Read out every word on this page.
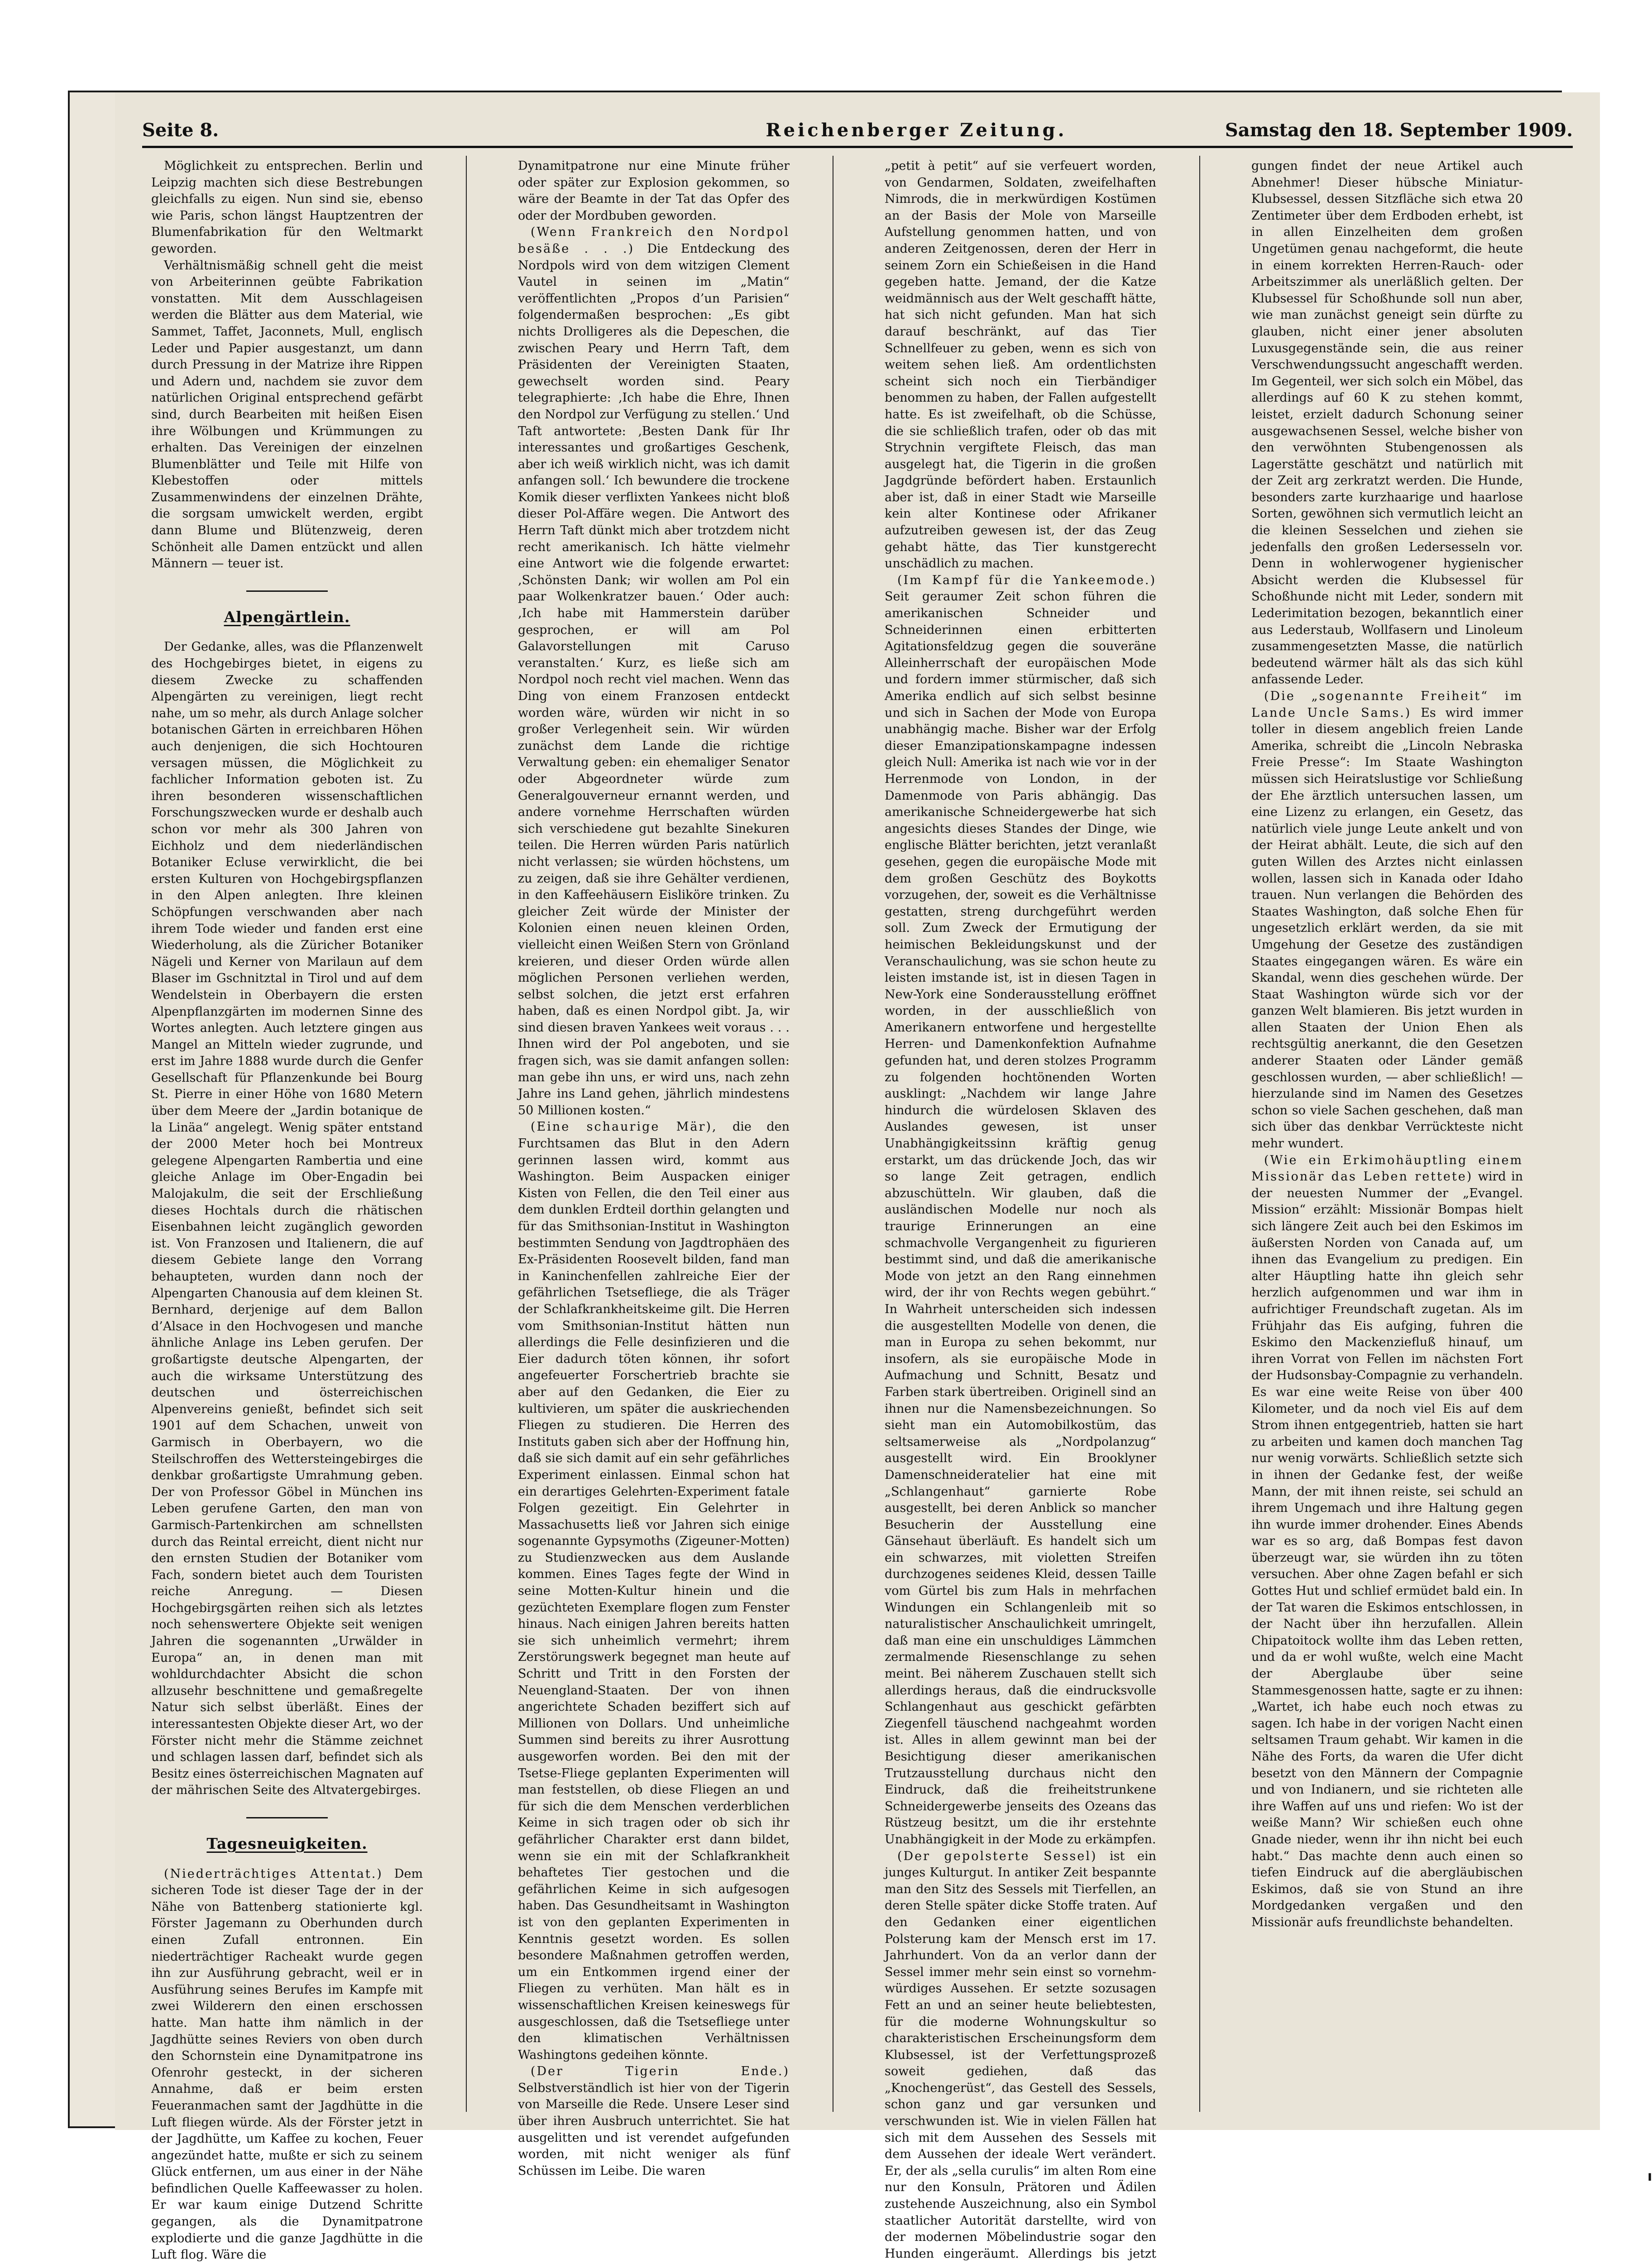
Seite 8.	Reichenberger Zeitung.	Samstag den 18. September 1909.

Möglichkeit zu entsprechen. Berlin und Leipzig machten sich diese Bestrebungen gleichfalls zu eigen. Nun sind sie, ebenso wie Paris, schon längst Hauptzentren der Blumenfabrikation für den Weltmarkt geworden.

Verhältnismäßig schnell geht die meist von Arbeiterinnen geübte Fabrikation vonstatten. Mit dem Ausschlageisen werden die Blätter aus dem Material, wie Sammet, Taffet, Jaconnets, Mull, englisch Leder und Papier ausgestanzt, um dann durch Pressung in der Matrize ihre Rippen und Adern und, nachdem sie zuvor dem natürlichen Original entsprechend gefärbt sind, durch Bearbeiten mit heißen Eisen ihre Wölbungen und Krümmungen zu erhalten. Das Vereinigen der einzelnen Blumenblätter und Teile mit Hilfe von Klebestoffen oder mittels Zusammenwindens der einzelnen Drähte, die sorgsam umwickelt werden, ergibt dann Blume und Blütenzweig, deren Schönheit alle Damen entzückt und allen Männern — teuer ist.

Alpengärtlein.

Der Gedanke, alles, was die Pflanzenwelt des Hochgebirges bietet, in eigens zu diesem Zwecke zu schaffenden Alpengärten zu vereinigen, liegt recht nahe, um so mehr, als durch Anlage solcher botanischen Gärten in erreichbaren Höhen auch denjenigen, die sich Hochtouren versagen müssen, die Möglichkeit zu fachlicher Information geboten ist. Zu ihren besonderen wissenschaftlichen Forschungszwecken wurde er deshalb auch schon vor mehr als 300 Jahren von Eichholz und dem niederländischen Botaniker Ecluse verwirklicht, die bei ersten Kulturen von Hochgebirgspflanzen in den Alpen anlegten. Ihre kleinen Schöpfungen verschwanden aber nach ihrem Tode wieder und fanden erst eine Wiederholung, als die Züricher Botaniker Nägeli und Kerner von Marilaun auf dem Blaser im Gschnitztal in Tirol und auf dem Wendelstein in Oberbayern die ersten Alpenpflanzgärten im modernen Sinne des Wortes anlegten. Auch letztere gingen aus Mangel an Mitteln wieder zugrunde, und erst im Jahre 1888 wurde durch die Genfer Gesellschaft für Pflanzenkunde bei Bourg St. Pierre in einer Höhe von 1680 Metern über dem Meere der „Jardin botanique de la Linäa“ angelegt. Wenig später entstand der 2000 Meter hoch bei Montreux gelegene Alpengarten Rambertia und eine gleiche Anlage im Ober-Engadin bei Malojakulm, die seit der Erschließung dieses Hochtals durch die rhätischen Eisenbahnen leicht zugänglich geworden ist. Von Franzosen und Italienern, die auf diesem Gebiete lange den Vorrang behaupteten, wurden dann noch der Alpengarten Chanousia auf dem kleinen St. Bernhard, derjenige auf dem Ballon d’Alsace in den Hochvogesen und manche ähnliche Anlage ins Leben gerufen. Der großartigste deutsche Alpengarten, der auch die wirksame Unterstützung des deutschen und österreichischen Alpenvereins genießt, befindet sich seit 1901 auf dem Schachen, unweit von Garmisch in Oberbayern, wo die Steilschroffen des Wettersteingebirges die denkbar großartigste Umrahmung geben. Der von Professor Göbel in München ins Leben gerufene Garten, den man von Garmisch-Partenkirchen am schnellsten durch das Reintal erreicht, dient nicht nur den ernsten Studien der Botaniker vom Fach, sondern bietet auch dem Touristen reiche Anregung. — Diesen Hochgebirgsgärten reihen sich als letztes noch sehenswertere Objekte seit wenigen Jahren die sogenannten „Urwälder in Europa“ an, in denen man mit wohldurchdachter Absicht die schon allzusehr beschnittene und gemaßregelte Natur sich selbst überläßt. Eines der interessantesten Objekte dieser Art, wo der Förster nicht mehr die Stämme zeichnet und schlagen lassen darf, befindet sich als Besitz eines österreichischen Magnaten auf der mährischen Seite des Altvatergebirges.

Tagesneuigkeiten.

(Niederträchtiges Attentat.) Dem sicheren Tode ist dieser Tage der in der Nähe von Battenberg stationierte kgl. Förster Jagemann zu Oberhunden durch einen Zufall entronnen. Ein niederträchtiger Racheakt wurde gegen ihn zur Ausführung gebracht, weil er in Ausführung seines Berufes im Kampfe mit zwei Wilderern den einen erschossen hatte. Man hatte ihm nämlich in der Jagdhütte seines Reviers von oben durch den Schornstein eine Dynamitpatrone ins Ofenrohr gesteckt, in der sicheren Annahme, daß er beim ersten Feueranmachen samt der Jagdhütte in die Luft fliegen würde. Als der Förster jetzt in der Jagdhütte, um Kaffee zu kochen, Feuer angezündet hatte, mußte er sich zu seinem Glück entfernen, um aus einer in der Nähe befindlichen Quelle Kaffeewasser zu holen. Er war kaum einige Dutzend Schritte gegangen, als die Dynamitpatrone explodierte und die ganze Jagdhütte in die Luft flog. Wäre die

Dynamitpatrone nur eine Minute früher oder später zur Explosion gekommen, so wäre der Beamte in der Tat das Opfer des oder der Mordbuben geworden.

(Wenn Frankreich den Nordpol besäße . . .) Die Entdeckung des Nordpols wird von dem witzigen Clement Vautel in seinen im „Matin“ veröffentlichten „Propos d’un Parisien“ folgendermaßen besprochen: „Es gibt nichts Drolligeres als die Depeschen, die zwischen Peary und Herrn Taft, dem Präsidenten der Vereinigten Staaten, gewechselt worden sind. Peary telegraphierte: ‚Ich habe die Ehre, Ihnen den Nordpol zur Verfügung zu stellen.‘ Und Taft antwortete: ‚Besten Dank für Ihr interessantes und großartiges Geschenk, aber ich weiß wirklich nicht, was ich damit anfangen soll.‘ Ich bewundere die trockene Komik dieser verflixten Yankees nicht bloß dieser Pol-Affäre wegen. Die Antwort des Herrn Taft dünkt mich aber trotzdem nicht recht amerikanisch. Ich hätte vielmehr eine Antwort wie die folgende erwartet: ‚Schönsten Dank; wir wollen am Pol ein paar Wolkenkratzer bauen.‘ Oder auch: ‚Ich habe mit Hammerstein darüber gesprochen, er will am Pol Galavorstellungen mit Caruso veranstalten.‘ Kurz, es ließe sich am Nordpol noch recht viel machen. Wenn das Ding von einem Franzosen entdeckt worden wäre, würden wir nicht in so großer Verlegenheit sein. Wir würden zunächst dem Lande die richtige Verwaltung geben: ein ehemaliger Senator oder Abgeordneter würde zum Generalgouverneur ernannt werden, und andere vornehme Herrschaften würden sich verschiedene gut bezahlte Sinekuren teilen. Die Herren würden Paris natürlich nicht verlassen; sie würden höchstens, um zu zeigen, daß sie ihre Gehälter verdienen, in den Kaffeehäusern Eisliköre trinken. Zu gleicher Zeit würde der Minister der Kolonien einen neuen kleinen Orden, vielleicht einen Weißen Stern von Grönland kreieren, und dieser Orden würde allen möglichen Personen verliehen werden, selbst solchen, die jetzt erst erfahren haben, daß es einen Nordpol gibt. Ja, wir sind diesen braven Yankees weit voraus . . . Ihnen wird der Pol angeboten, und sie fragen sich, was sie damit anfangen sollen: man gebe ihn uns, er wird uns, nach zehn Jahre ins Land gehen, jährlich mindestens 50 Millionen kosten.“

(Eine schaurige Mär), die den Furchtsamen das Blut in den Adern gerinnen lassen wird, kommt aus Washington. Beim Auspacken einiger Kisten von Fellen, die den Teil einer aus dem dunklen Erdteil dorthin gelangten und für das Smithsonian-Institut in Washington bestimmten Sendung von Jagdtrophäen des Ex-Präsidenten Roosevelt bilden, fand man in Kaninchenfellen zahlreiche Eier der gefährlichen Tsetsefliege, die als Träger der Schlafkrankheitskeime gilt. Die Herren vom Smithsonian-Institut hätten nun allerdings die Felle desinfizieren und die Eier dadurch töten können, ihr sofort angefeuerter Forschertrieb brachte sie aber auf den Gedanken, die Eier zu kultivieren, um später die auskriechenden Fliegen zu studieren. Die Herren des Instituts gaben sich aber der Hoffnung hin, daß sie sich damit auf ein sehr gefährliches Experiment einlassen. Einmal schon hat ein derartiges Gelehrten-Experiment fatale Folgen gezeitigt. Ein Gelehrter in Massachusetts ließ vor Jahren sich einige sogenannte Gypsymoths (Zigeuner-Motten) zu Studienzwecken aus dem Auslande kommen. Eines Tages fegte der Wind in seine Motten-Kultur hinein und die gezüchteten Exemplare flogen zum Fenster hinaus. Nach einigen Jahren bereits hatten sie sich unheimlich vermehrt; ihrem Zerstörungswerk begegnet man heute auf Schritt und Tritt in den Forsten der Neuengland-Staaten. Der von ihnen angerichtete Schaden beziffert sich auf Millionen von Dollars. Und unheimliche Summen sind bereits zu ihrer Ausrottung ausgeworfen worden. Bei den mit der Tsetse-Fliege geplanten Experimenten will man feststellen, ob diese Fliegen an und für sich die dem Menschen verderblichen Keime in sich tragen oder ob sich ihr gefährlicher Charakter erst dann bildet, wenn sie ein mit der Schlafkrankheit behaftetes Tier gestochen und die gefährlichen Keime in sich aufgesogen haben. Das Gesundheitsamt in Washington ist von den geplanten Experimenten in Kenntnis gesetzt worden. Es sollen besondere Maßnahmen getroffen werden, um ein Entkommen irgend einer der Fliegen zu verhüten. Man hält es in wissenschaftlichen Kreisen keineswegs für ausgeschlossen, daß die Tsetsefliege unter den klimatischen Verhältnissen Washingtons gedeihen könnte.

(Der Tigerin Ende.) Selbstverständlich ist hier von der Tigerin von Marseille die Rede. Unsere Leser sind über ihren Ausbruch unterrichtet. Sie hat ausgelitten und ist verendet aufgefunden worden, mit nicht weniger als fünf Schüssen im Leibe. Die waren

„petit à petit“ auf sie verfeuert worden, von Gendarmen, Soldaten, zweifelhaften Nimrods, die in merkwürdigen Kostümen an der Basis der Mole von Marseille Aufstellung genommen hatten, und von anderen Zeitgenossen, deren der Herr in seinem Zorn ein Schießeisen in die Hand gegeben hatte. Jemand, der die Katze weidmännisch aus der Welt geschafft hätte, hat sich nicht gefunden. Man hat sich darauf beschränkt, auf das Tier Schnellfeuer zu geben, wenn es sich von weitem sehen ließ. Am ordentlichsten scheint sich noch ein Tierbändiger benommen zu haben, der Fallen aufgestellt hatte. Es ist zweifelhaft, ob die Schüsse, die sie schließlich trafen, oder ob das mit Strychnin vergiftete Fleisch, das man ausgelegt hat, die Tigerin in die großen Jagdgründe befördert haben. Erstaunlich aber ist, daß in einer Stadt wie Marseille kein alter Kontinese oder Afrikaner aufzutreiben gewesen ist, der das Zeug gehabt hätte, das Tier kunstgerecht unschädlich zu machen.

(Im Kampf für die Yankeemode.) Seit geraumer Zeit schon führen die amerikanischen Schneider und Schneiderinnen einen erbitterten Agitationsfeldzug gegen die souveräne Alleinherrschaft der europäischen Mode und fordern immer stürmischer, daß sich Amerika endlich auf sich selbst besinne und sich in Sachen der Mode von Europa unabhängig mache. Bisher war der Erfolg dieser Emanzipationskampagne indessen gleich Null: Amerika ist nach wie vor in der Herrenmode von London, in der Damenmode von Paris abhängig. Das amerikanische Schneidergewerbe hat sich angesichts dieses Standes der Dinge, wie englische Blätter berichten, jetzt veranlaßt gesehen, gegen die europäische Mode mit dem großen Geschütz des Boykotts vorzugehen, der, soweit es die Verhältnisse gestatten, streng durchgeführt werden soll. Zum Zweck der Ermutigung der heimischen Bekleidungskunst und der Veranschaulichung, was sie schon heute zu leisten imstande ist, ist in diesen Tagen in New-York eine Sonderausstellung eröffnet worden, in der ausschließlich von Amerikanern entworfene und hergestellte Herren- und Damenkonfektion Aufnahme gefunden hat, und deren stolzes Programm zu folgenden hochtönenden Worten ausklingt: „Nachdem wir lange Jahre hindurch die würdelosen Sklaven des Auslandes gewesen, ist unser Unabhängigkeitssinn kräftig genug erstarkt, um das drückende Joch, das wir so lange Zeit getragen, endlich abzuschütteln. Wir glauben, daß die ausländischen Modelle nur noch als traurige Erinnerungen an eine schmachvolle Vergangenheit zu figurieren bestimmt sind, und daß die amerikanische Mode von jetzt an den Rang einnehmen wird, der ihr von Rechts wegen gebührt.“ In Wahrheit unterscheiden sich indessen die ausgestellten Modelle von denen, die man in Europa zu sehen bekommt, nur insofern, als sie europäische Mode in Aufmachung und Schnitt, Besatz und Farben stark übertreiben. Originell sind an ihnen nur die Namensbezeichnungen. So sieht man ein Automobilkostüm, das seltsamerweise als „Nordpolanzug“ ausgestellt wird. Ein Brooklyner Damenschneideratelier hat eine mit „Schlangenhaut“ garnierte Robe ausgestellt, bei deren Anblick so mancher Besucherin der Ausstellung eine Gänsehaut überläuft. Es handelt sich um ein schwarzes, mit violetten Streifen durchzogenes seidenes Kleid, dessen Taille vom Gürtel bis zum Hals in mehrfachen Windungen ein Schlangenleib mit so naturalistischer Anschaulichkeit umringelt, daß man eine ein unschuldiges Lämmchen zermalmende Riesenschlange zu sehen meint. Bei näherem Zuschauen stellt sich allerdings heraus, daß die eindrucksvolle Schlangenhaut aus geschickt gefärbten Ziegenfell täuschend nachgeahmt worden ist. Alles in allem gewinnt man bei der Besichtigung dieser amerikanischen Trutzausstellung durchaus nicht den Eindruck, daß die freiheitstrunkene Schneidergewerbe jenseits des Ozeans das Rüstzeug besitzt, um die ihr erstehnte Unabhängigkeit in der Mode zu erkämpfen.

(Der gepolsterte Sessel) ist ein junges Kulturgut. In antiker Zeit bespannte man den Sitz des Sessels mit Tierfellen, an deren Stelle später dicke Stoffe traten. Auf den Gedanken einer eigentlichen Polsterung kam der Mensch erst im 17. Jahrhundert. Von da an verlor dann der Sessel immer mehr sein einst so vornehm-würdiges Aussehen. Er setzte sozusagen Fett an und an seiner heute beliebtesten, für die moderne Wohnungskultur so charakteristischen Erscheinungsform dem Klubsessel, ist der Verfettungsprozeß soweit gediehen, daß das „Knochengerüst“, das Gestell des Sessels, schon ganz und gar versunken und verschwunden ist. Wie in vielen Fällen hat sich mit dem Aussehen des Sessels mit dem Aussehen der ideale Wert verändert. Er, der als „sella curulis“ im alten Rom eine nur den Konsuln, Prätoren und Ädilen zustehende Auszeichnung, also ein Symbol staatlicher Autorität darstellte, wird von der modernen Möbelindustrie sogar den Hunden eingeräumt. Allerdings bis jetzt

gungen findet der neue Artikel auch Abnehmer! Dieser hübsche Miniatur-Klubsessel, dessen Sitzfläche sich etwa 20 Zentimeter über dem Erdboden erhebt, ist in allen Einzelheiten dem großen Ungetümen genau nachgeformt, die heute in einem korrekten Herren-Rauch- oder Arbeitszimmer als unerläßlich gelten. Der Klubsessel für Schoßhunde soll nun aber, wie man zunächst geneigt sein dürfte zu glauben, nicht einer jener absoluten Luxusgegenstände sein, die aus reiner Verschwendungssucht angeschafft werden. Im Gegenteil, wer sich solch ein Möbel, das allerdings auf 60 K zu stehen kommt, leistet, erzielt dadurch Schonung seiner ausgewachsenen Sessel, welche bisher von den verwöhnten Stubengenossen als Lagerstätte geschätzt und natürlich mit der Zeit arg zerkratzt werden. Die Hunde, besonders zarte kurzhaarige und haarlose Sorten, gewöhnen sich vermutlich leicht an die kleinen Sesselchen und ziehen sie jedenfalls den großen Ledersesseln vor. Denn in wohlerwogener hygienischer Absicht werden die Klubsessel für Schoßhunde nicht mit Leder, sondern mit Lederimitation bezogen, bekanntlich einer aus Lederstaub, Wollfasern und Linoleum zusammengesetzten Masse, die natürlich bedeutend wärmer hält als das sich kühl anfassende Leder.

(Die „sogenannte Freiheit“ im Lande Uncle Sams.) Es wird immer toller in diesem angeblich freien Lande Amerika, schreibt die „Lincoln Nebraska Freie Presse“: Im Staate Washington müssen sich Heiratslustige vor Schließung der Ehe ärztlich untersuchen lassen, um eine Lizenz zu erlangen, ein Gesetz, das natürlich viele junge Leute ankelt und von der Heirat abhält. Leute, die sich auf den guten Willen des Arztes nicht einlassen wollen, lassen sich in Kanada oder Idaho trauen. Nun verlangen die Behörden des Staates Washington, daß solche Ehen für ungesetzlich erklärt werden, da sie mit Umgehung der Gesetze des zuständigen Staates eingegangen wären. Es wäre ein Skandal, wenn dies geschehen würde. Der Staat Washington würde sich vor der ganzen Welt blamieren. Bis jetzt wurden in allen Staaten der Union Ehen als rechtsgültig anerkannt, die den Gesetzen anderer Staaten oder Länder gemäß geschlossen wurden, — aber schließlich! — hierzulande sind im Namen des Gesetzes schon so viele Sachen geschehen, daß man sich über das denkbar Verrückteste nicht mehr wundert.

(Wie ein Erkimohäuptling einem Missionär das Leben rettete) wird in der neuesten Nummer der „Evangel. Mission“ erzählt: Missionär Bompas hielt sich längere Zeit auch bei den Eskimos im äußersten Norden von Canada auf, um ihnen das Evangelium zu predigen. Ein alter Häuptling hatte ihn gleich sehr herzlich aufgenommen und war ihm in aufrichtiger Freundschaft zugetan. Als im Frühjahr das Eis aufging, fuhren die Eskimo den Mackenziefluß hinauf, um ihren Vorrat von Fellen im nächsten Fort der Hudsonsbay-Compagnie zu verhandeln. Es war eine weite Reise von über 400 Kilometer, und da noch viel Eis auf dem Strom ihnen entgegentrieb, hatten sie hart zu arbeiten und kamen doch manchen Tag nur wenig vorwärts. Schließlich setzte sich in ihnen der Gedanke fest, der weiße Mann, der mit ihnen reiste, sei schuld an ihrem Ungemach und ihre Haltung gegen ihn wurde immer drohender. Eines Abends war es so arg, daß Bompas fest davon überzeugt war, sie würden ihn zu töten versuchen. Aber ohne Zagen befahl er sich Gottes Hut und schlief ermüdet bald ein. In der Tat waren die Eskimos entschlossen, in der Nacht über ihn herzufallen. Allein Chipatoitock wollte ihm das Leben retten, und da er wohl wußte, welch eine Macht der Aberglaube über seine Stammesgenossen hatte, sagte er zu ihnen: „Wartet, ich habe euch noch etwas zu sagen. Ich habe in der vorigen Nacht einen seltsamen Traum gehabt. Wir kamen in die Nähe des Forts, da waren die Ufer dicht besetzt von den Männern der Compagnie und von Indianern, und sie richteten alle ihre Waffen auf uns und riefen: Wo ist der weiße Mann? Wir schießen euch ohne Gnade nieder, wenn ihr ihn nicht bei euch habt.“ Das machte denn auch einen so tiefen Eindruck auf die abergläubischen Eskimos, daß sie von Stund an ihre Mordgedanken vergaßen und den Missionär aufs freundlichste behandelten.

ı
